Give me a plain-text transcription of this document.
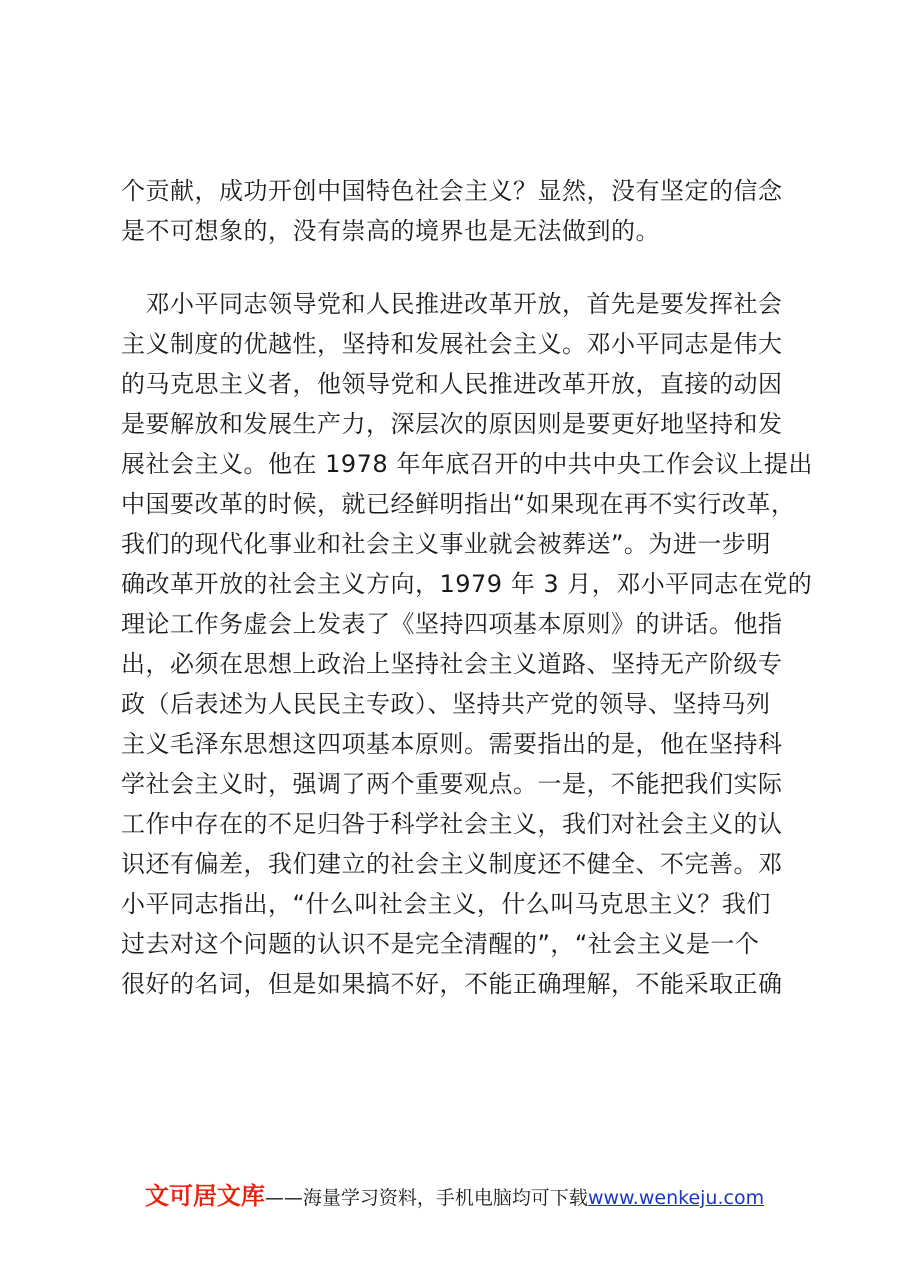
个贡献，成功开创中国特色社会主义？显然，没有坚定的信念
是不可想象的，没有崇高的境界也是无法做到的。

　邓小平同志领导党和人民推进改革开放，首先是要发挥社会
主义制度的优越性，坚持和发展社会主义。邓小平同志是伟大
的马克思主义者，他领导党和人民推进改革开放，直接的动因
是要解放和发展生产力，深层次的原因则是要更好地坚持和发
展社会主义。他在 1978 年年底召开的中共中央工作会议上提出
中国要改革的时候，就已经鲜明指出“如果现在再不实行改革，
我们的现代化事业和社会主义事业就会被葬送”。为进一步明
确改革开放的社会主义方向，1979 年 3 月，邓小平同志在党的
理论工作务虚会上发表了《坚持四项基本原则》的讲话。他指
出，必须在思想上政治上坚持社会主义道路、坚持无产阶级专
政（后表述为人民民主专政）、坚持共产党的领导、坚持马列
主义毛泽东思想这四项基本原则。需要指出的是，他在坚持科
学社会主义时，强调了两个重要观点。一是，不能把我们实际
工作中存在的不足归咎于科学社会主义，我们对社会主义的认
识还有偏差，我们建立的社会主义制度还不健全、不完善。邓
小平同志指出，“什么叫社会主义，什么叫马克思主义？我们
过去对这个问题的认识不是完全清醒的”，“社会主义是一个
很好的名词，但是如果搞不好，不能正确理解，不能采取正确

文可居文库——海量学习资料，手机电脑均可下载www.wenkeju.com
